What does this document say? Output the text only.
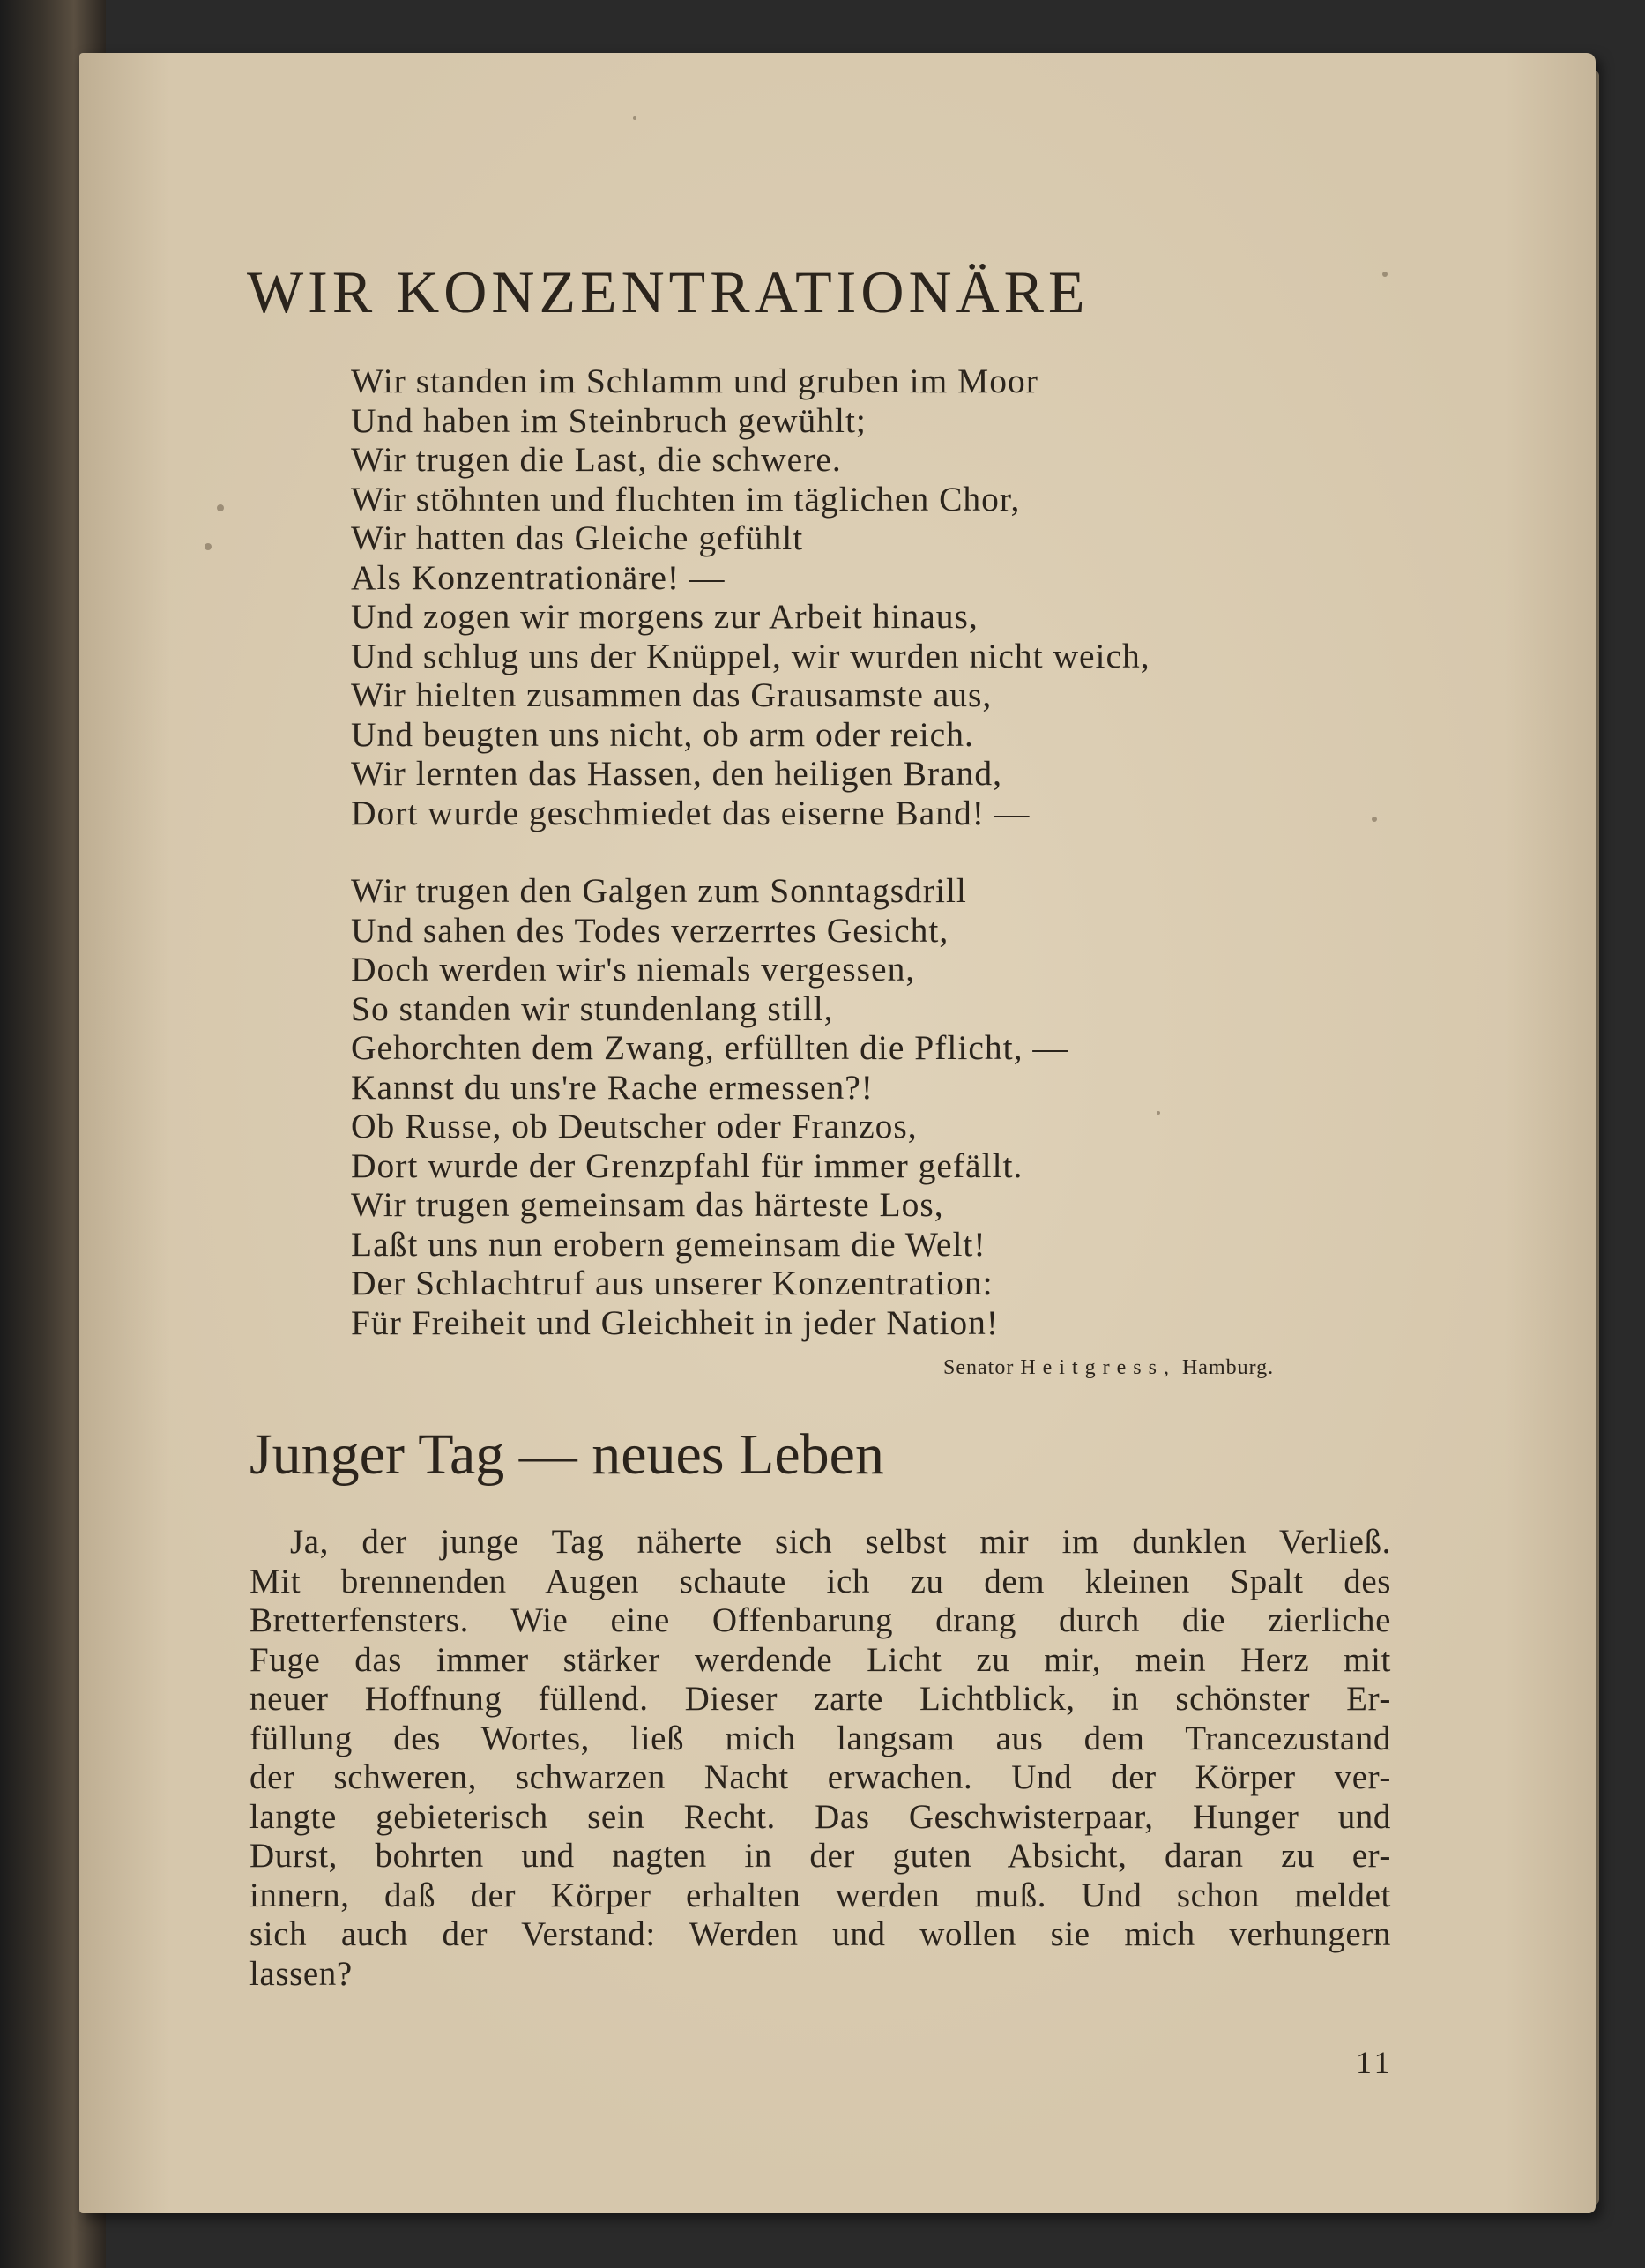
WIR KONZENTRATIONÄRE
Wir standen im Schlamm und gruben im Moor
Und haben im Steinbruch gewühlt;
Wir trugen die Last, die schwere.
Wir stöhnten und fluchten im täglichen Chor,
Wir hatten das Gleiche gefühlt
Als Konzentrationäre! —
Und zogen wir morgens zur Arbeit hinaus,
Und schlug uns der Knüppel, wir wurden nicht weich,
Wir hielten zusammen das Grausamste aus,
Und beugten uns nicht, ob arm oder reich.
Wir lernten das Hassen, den heiligen Brand,
Dort wurde geschmiedet das eiserne Band! —
Wir trugen den Galgen zum Sonntagsdrill
Und sahen des Todes verzerrtes Gesicht,
Doch werden wir's niemals vergessen,
So standen wir stundenlang still,
Gehorchten dem Zwang, erfüllten die Pflicht, —
Kannst du uns're Rache ermessen?!
Ob Russe, ob Deutscher oder Franzos,
Dort wurde der Grenzpfahl für immer gefällt.
Wir trugen gemeinsam das härteste Los,
Laßt uns nun erobern gemeinsam die Welt!
Der Schlachtruf aus unserer Konzentration:
Für Freiheit und Gleichheit in jeder Nation!
Senator Heitgress, Hamburg.
Junger Tag — neues Leben
Ja, der junge Tag näherte sich selbst mir im dunklen Verließ.
Mit brennenden Augen schaute ich zu dem kleinen Spalt des
Bretterfensters. Wie eine Offenbarung drang durch die zierliche
Fuge das immer stärker werdende Licht zu mir, mein Herz mit
neuer Hoffnung füllend. Dieser zarte Lichtblick, in schönster Er-
füllung des Wortes, ließ mich langsam aus dem Trancezustand
der schweren, schwarzen Nacht erwachen. Und der Körper ver-
langte gebieterisch sein Recht. Das Geschwisterpaar, Hunger und
Durst, bohrten und nagten in der guten Absicht, daran zu er-
innern, daß der Körper erhalten werden muß. Und schon meldet
sich auch der Verstand: Werden und wollen sie mich verhungern
lassen?
11
